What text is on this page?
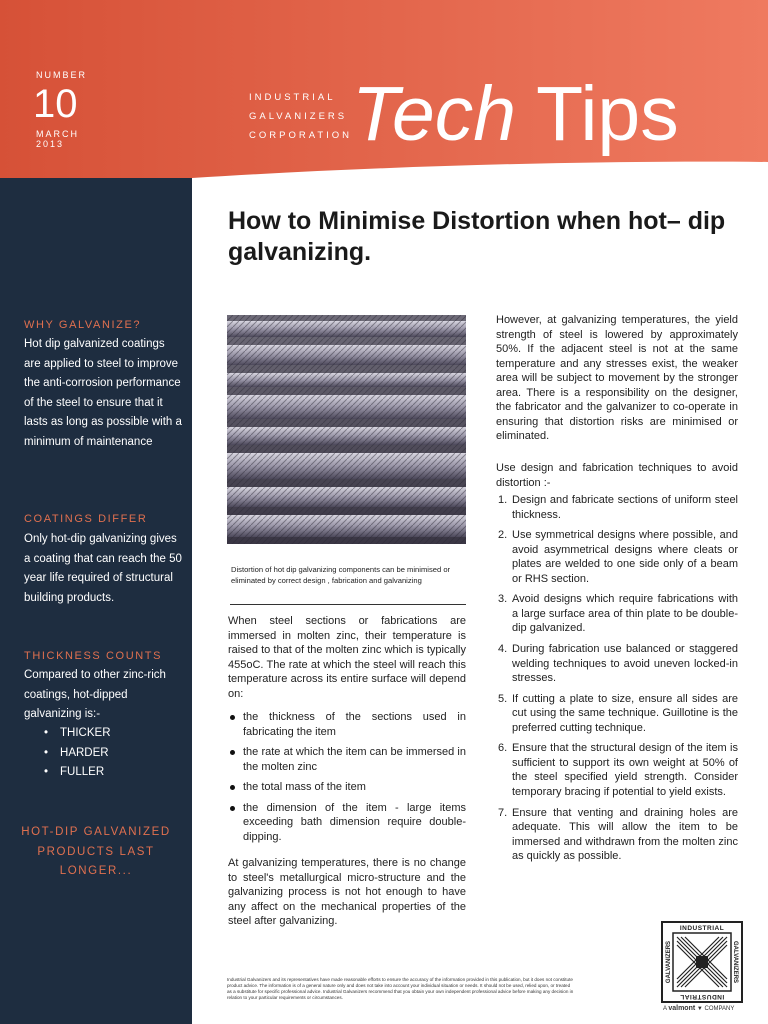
NUMBER
10
MARCH 2013
INDUSTRIAL
GALVANIZERS
CORPORATION Tech Tips
WHY GALVANIZE?
Hot dip galvanized coatings are applied to steel to improve the anti-corrosion performance of the steel to ensure that it lasts as long as possible with a minimum of maintenance
COATINGS DIFFER
Only hot-dip galvanizing gives a coating that can reach the 50 year life required of structural building products.
THICKNESS COUNTS
Compared to other zinc-rich coatings, hot-dipped galvanizing is:-
• THICKER
• HARDER
• FULLER
HOT-DIP GALVANIZED PRODUCTS LAST LONGER...
How to Minimise Distortion when hot– dip galvanizing.
Distortion of hot dip galvanizing components can be minimised or eliminated by correct design , fabrication and galvanizing

When steel sections or fabrications are immersed in molten zinc, their temperature is raised to that of the molten zinc which is typically 455oC. The rate at which the steel will reach this temperature across its entire surface will depend on:

the thickness of the sections used in fabricating the item
the rate at which the item can be immersed in the molten zinc
the total mass of the item
the dimension of the item - large items exceeding bath dimension require double-dipping.

At galvanizing temperatures, there is no change to steel's metallurgical micro-structure and the galvanizing process is not hot enough to have any affect on the mechanical properties of the steel after galvanizing.

However, at galvanizing temperatures, the yield strength of steel is lowered by approximately 50%. If the adjacent steel is not at the same temperature and any stresses exist, the weaker area will be subject to movement by the stronger area. There is a responsibility on the designer, the fabricator and the galvanizer to co-operate in ensuring that distortion risks are minimised or eliminated.

Use design and fabrication techniques to avoid distortion :-

1. Design and fabricate sections of uniform steel thickness.
2. Use symmetrical designs where possible, and avoid asymmetrical designs where cleats or plates are welded to one side only of a beam or RHS section.
3. Avoid designs which require fabrications with a large surface area of thin plate to be double-dip galvanized.
4. During fabrication use balanced or staggered welding techniques to avoid uneven locked-in stresses.
5. If cutting a plate to size, ensure all sides are cut using the same technique. Guillotine is the preferred cutting technique.
6. Ensure that the structural design of the item is sufficient to support its own weight at 50% of the steel specified yield strength. Consider temporary bracing if potential to yield exists.
7. Ensure that venting and draining holes are adequate. This will allow the item to be immersed and withdrawn from the molten zinc as quickly as possible.
Industrial Galvanizers and its representatives have made reasonable efforts to ensure the accuracy of the information provided in this publication, but it does not constitute product advice. The information is of a general nature only and does not take into account your individual situation or needs. It should not be used, relied upon, or treated as a substitute for specific professional advice. Industrial Galvanizers recommend that you obtain your own independent professional advice before making any decision in relation to your particular requirements or circumstances.
INDUSTRIAL
INDUSTRIAL
GALVANIZERS
GALVANIZERS
A valmont ▼ COMPANY
